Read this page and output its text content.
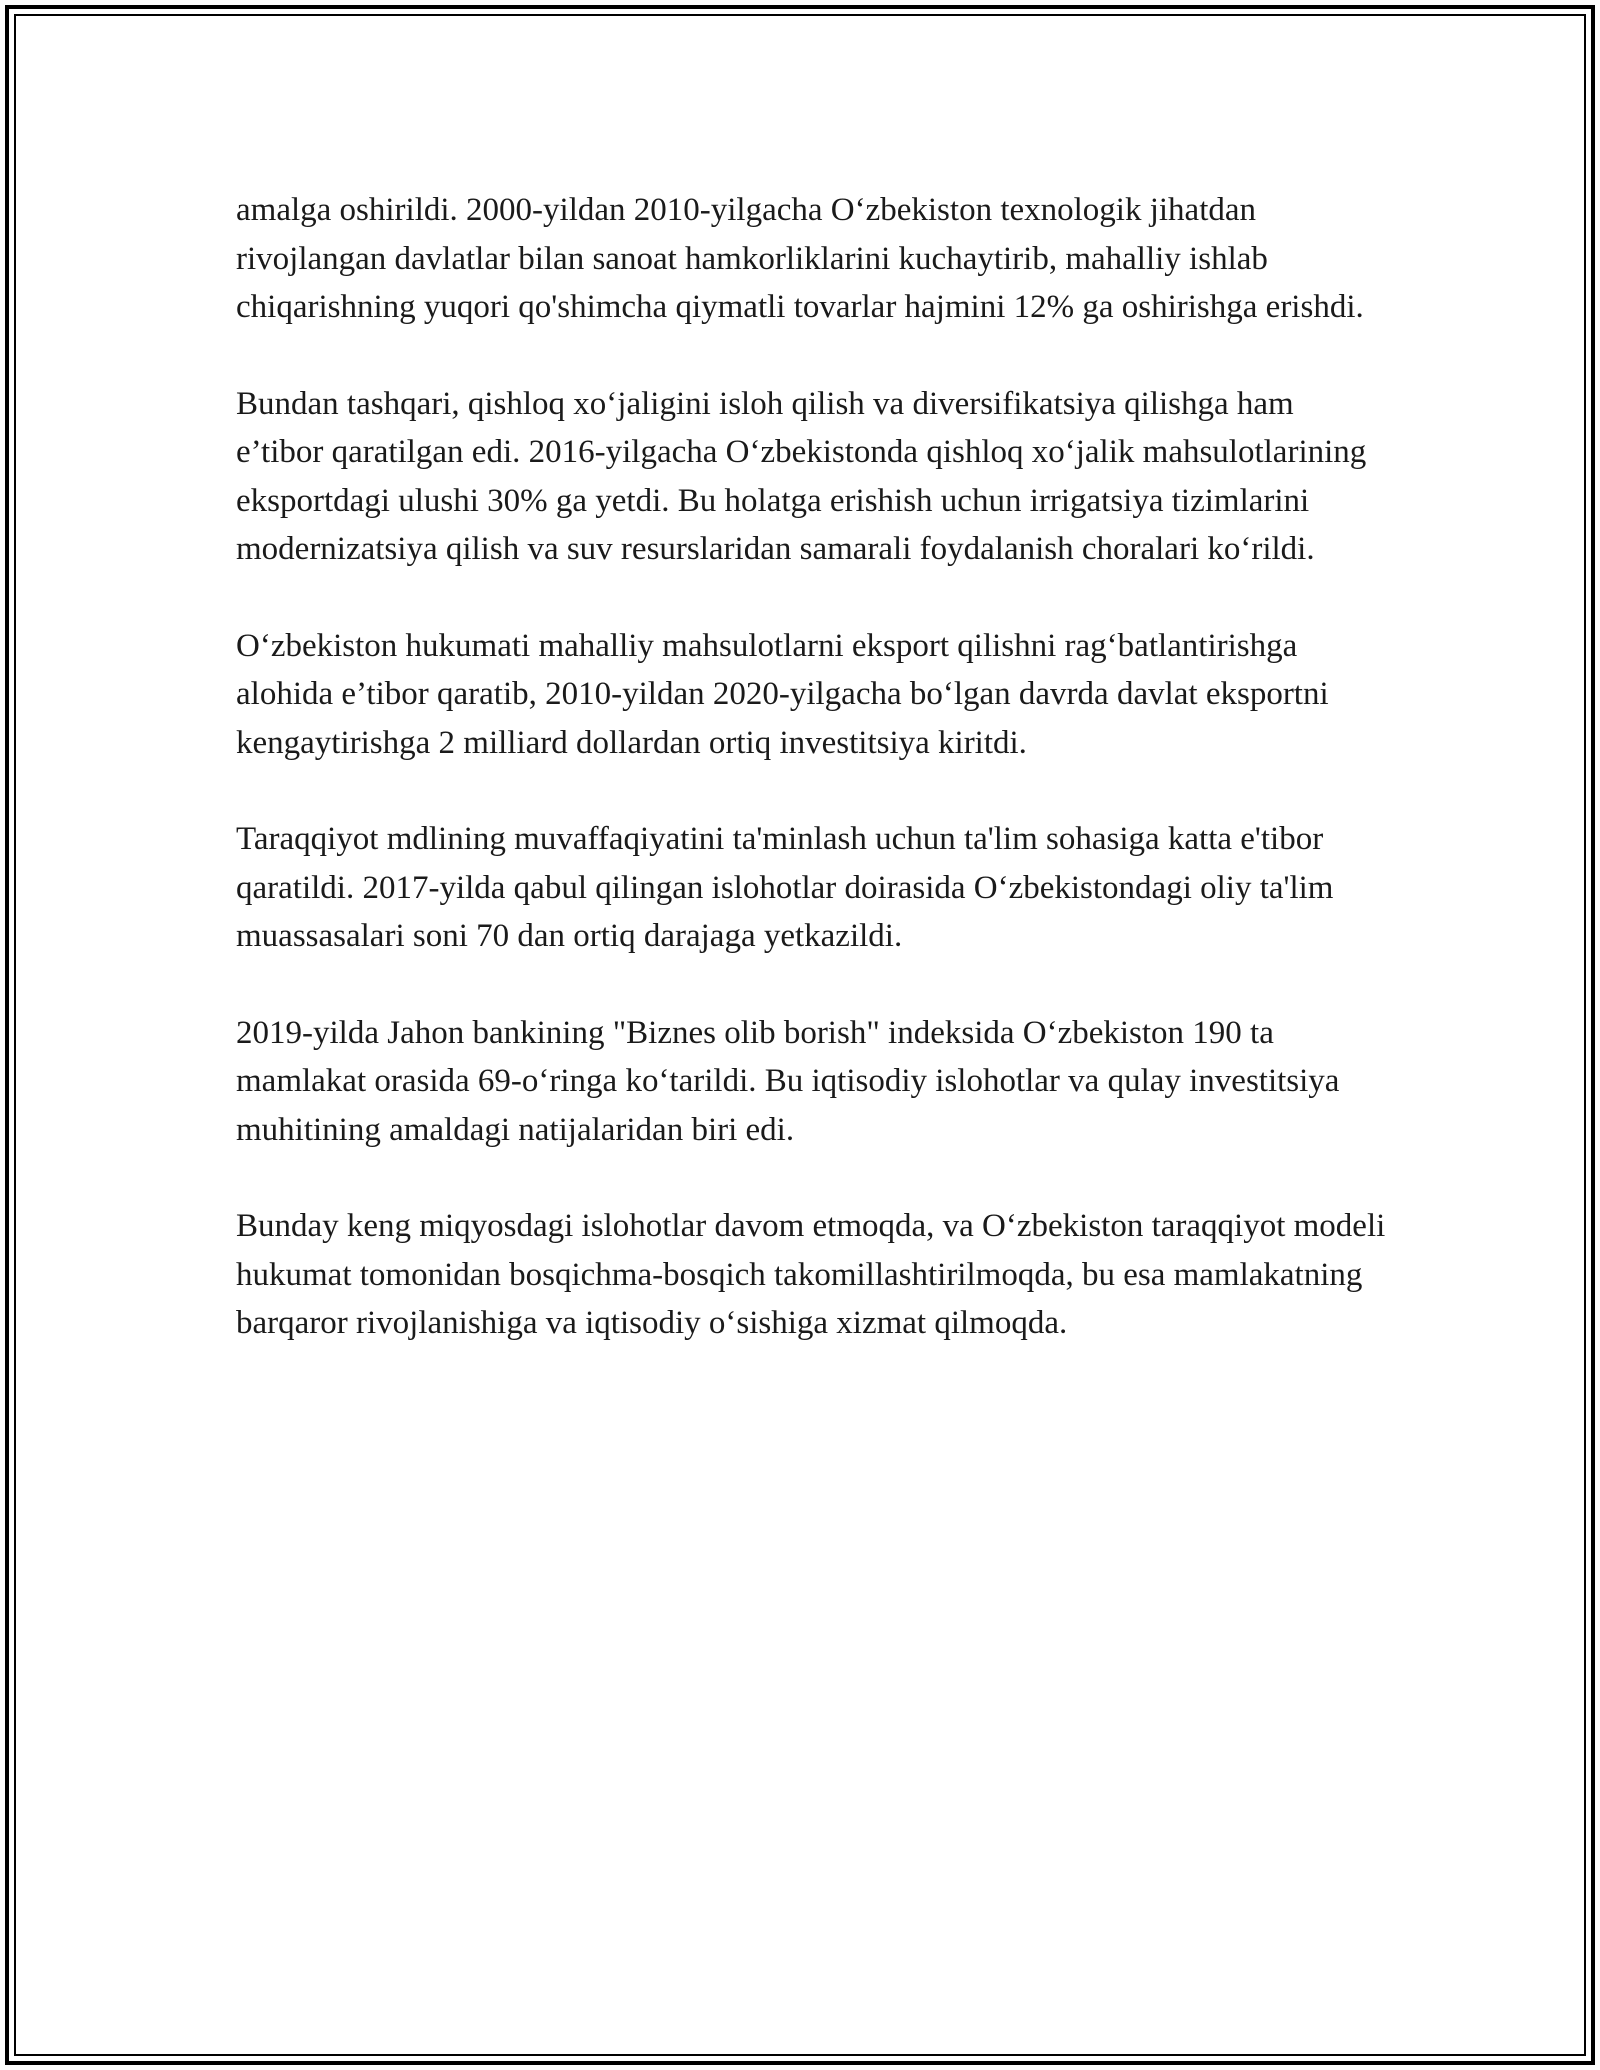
amalga oshirildi. 2000-yildan 2010-yilgacha O‘zbekiston texnologik jihatdan rivojlangan davlatlar bilan sanoat hamkorliklarini kuchaytirib, mahalliy ishlab chiqarishning yuqori qo'shimcha qiymatli tovarlar hajmini 12% ga oshirishga erishdi.

Bundan tashqari, qishloq xo‘jaligini isloh qilish va diversifikatsiya qilishga ham e’tibor qaratilgan edi. 2016-yilgacha O‘zbekistonda qishloq xo‘jalik mahsulotlarining eksportdagi ulushi 30% ga yetdi. Bu holatga erishish uchun irrigatsiya tizimlarini modernizatsiya qilish va suv resurslaridan samarali foydalanish choralari ko‘rildi.

O‘zbekiston hukumati mahalliy mahsulotlarni eksport qilishni rag‘batlantirishga alohida e’tibor qaratib, 2010-yildan 2020-yilgacha bo‘lgan davrda davlat eksportni kengaytirishga 2 milliard dollardan ortiq investitsiya kiritdi.

Taraqqiyot mdlining muvaffaqiyatini ta'minlash uchun ta'lim sohasiga katta e'tibor qaratildi. 2017-yilda qabul qilingan islohotlar doirasida O‘zbekistondagi oliy ta'lim muassasalari soni 70 dan ortiq darajaga yetkazildi.

2019-yilda Jahon bankining "Biznes olib borish" indeksida O‘zbekiston 190 ta mamlakat orasida 69-o‘ringa ko‘tarildi. Bu iqtisodiy islohotlar va qulay investitsiya muhitining amaldagi natijalaridan biri edi.

Bunday keng miqyosdagi islohotlar davom etmoqda, va O‘zbekiston taraqqiyot modeli hukumat tomonidan bosqichma-bosqich takomillashtirilmoqda, bu esa mamlakatning barqaror rivojlanishiga va iqtisodiy o‘sishiga xizmat qilmoqda.
